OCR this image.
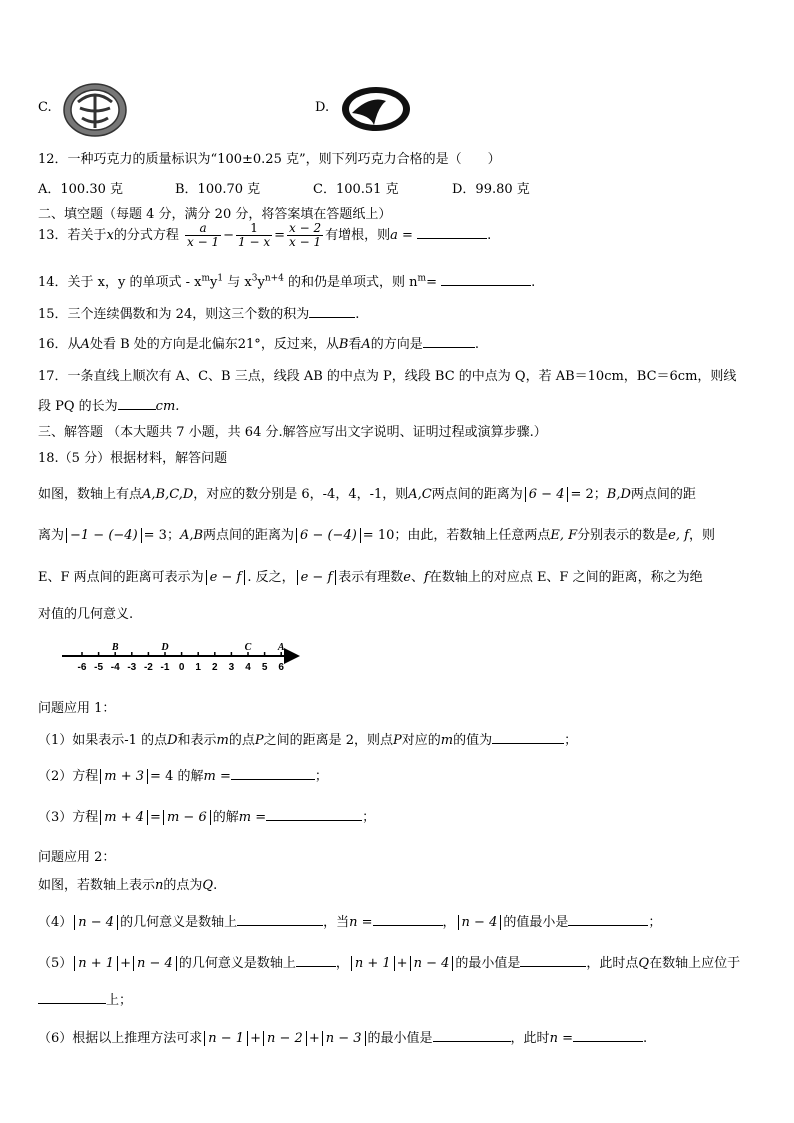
C.	D.
12．一种巧克力的质量标识为“100±0.25 克”，则下列巧克力合格的是（　　）
A．100.30 克	B．100.70 克	C．100.51 克	D．99.80 克
二、填空题（每题 4 分，满分 20 分，将答案填在答题纸上）
13．若关于x的分式方程 $\frac{a}{x - 1} - \frac{1}{1 - x} = \frac{x - 2}{x - 1}$ 有增根，则a =	.
14．关于 x，y 的单项式 - $x^my^1$ 与 $x^3y^{n+4}$ 的和仍是单项式，则 $n^m=$	.
15．三个连续偶数和为 24，则这三个数的积为	.
16．从A处看 B 处的方向是北偏东21°，反过来，从B看A的方向是	.
17．一条直线上顺次有 A、C、B 三点，线段 AB 的中点为 P，线段 BC 的中点为 Q，若 AB＝10cm，BC＝6cm，则线
段 PQ 的长为	cm.
三、解答题 （本大题共 7 小题，共 64 分.解答应写出文字说明、证明过程或演算步骤.）
18.（5 分）根据材料，解答问题
如图，数轴上有点A,B,C,D，对应的数分别是 6，-4，4，-1，则A,C两点间的距离为 6 − 4 = 2；B,D两点间的距
离为 −1 − (−4) = 3；A,B两点间的距离为 6 − (−4) = 10；由此，若数轴上任意两点E, F分别表示的数是e, f，则
E、F 两点间的距离可表示为 e − f . 反之， e − f 表示有理数e、f在数轴上的对应点 E、F 之间的距离，称之为绝
对值的几何意义.
-6 -5 -4 -3 -2 -1 0 1 2 3 4 5 6
B	D	C	A
问题应用 1：
（1）如果表示-1 的点D和表示m的点P之间的距离是 2，则点P对应的m的值为	；
（2）方程 m + 3 = 4 的解m =	；
（3）方程 m + 4 = m − 6 的解m =	；
问题应用 2：
如图，若数轴上表示n的点为Q.
（4） n − 4 的几何意义是数轴上	，当n =	， n − 4 的值最小是	；
（5） n + 1 + n − 4 的几何意义是数轴上	， n + 1 + n − 4 的最小值是	，此时点Q在数轴上应位于
上；
（6）根据以上推理方法可求 n − 1 + n − 2 + n − 3 的最小值是	，此时n =	.
